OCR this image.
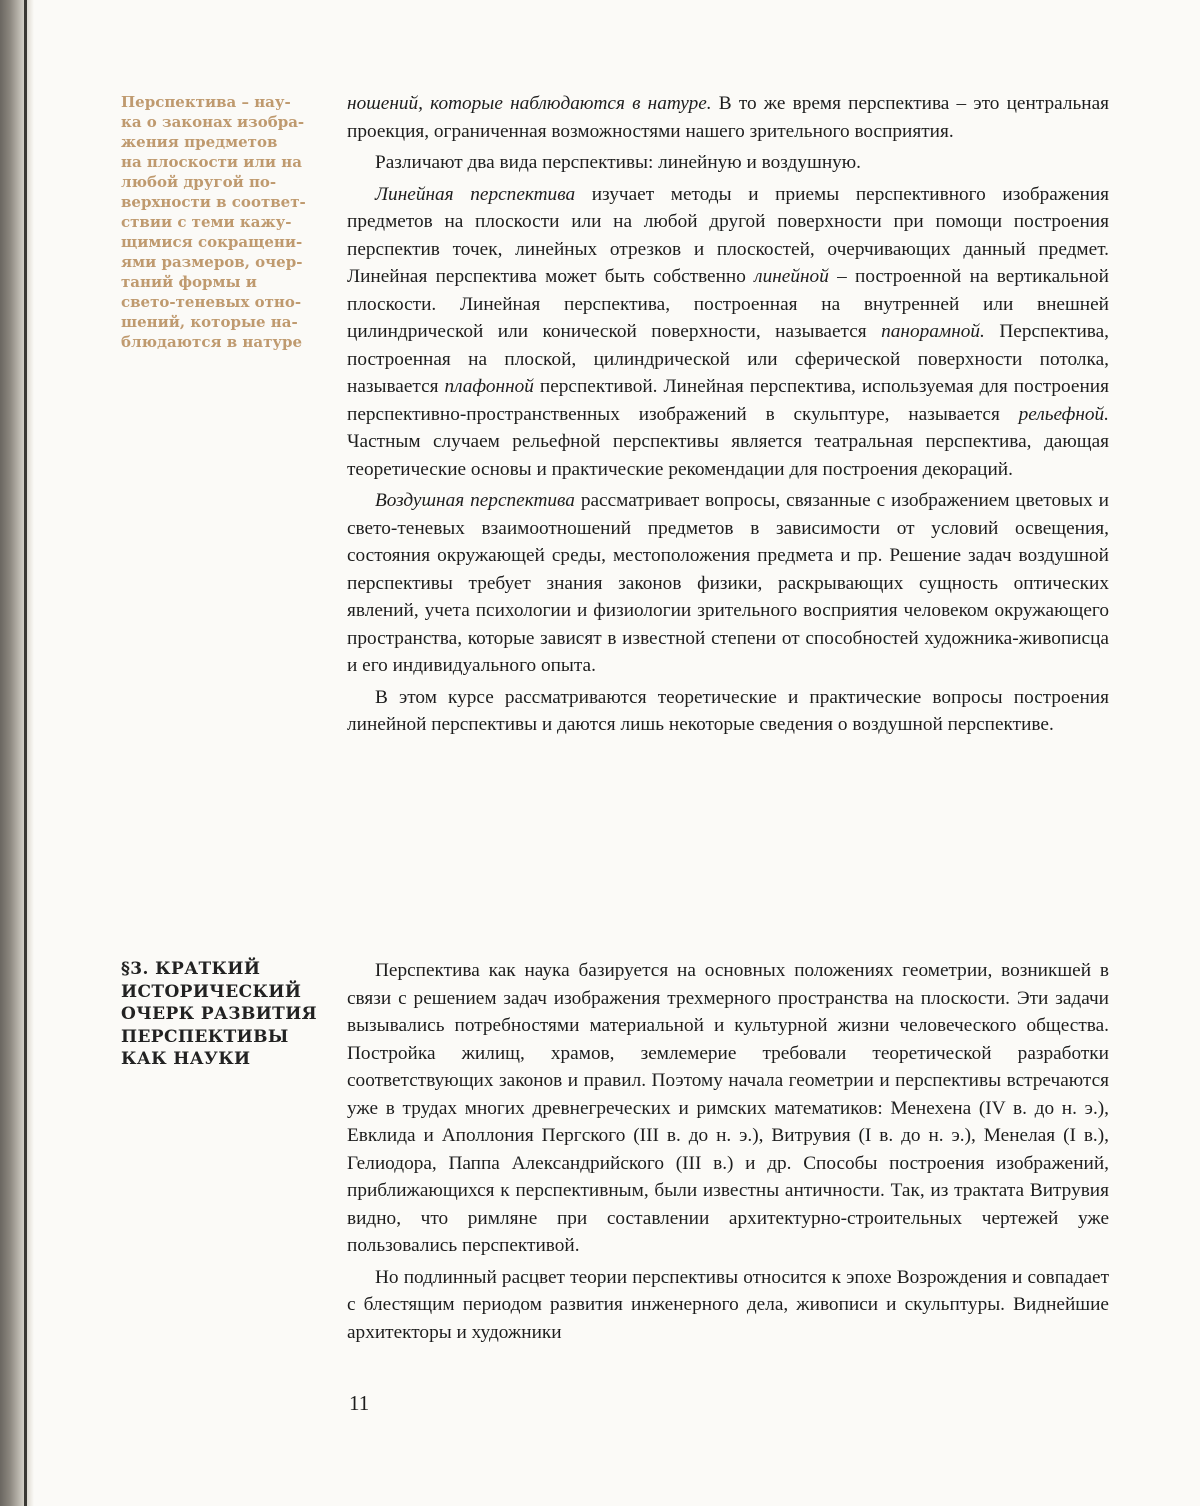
Перспектива – нау-
ка о законах изобра-
жения предметов
на плоскости или на
любой другой по-
верхности в соответ-
ствии с теми кажу-
щимися сокращени-
ями размеров, очер-
таний формы и
свето-теневых отно-
шений, которые на-
блюдаются в натуре

ношений, которые наблюдаются в натуре. В то же время перспектива – это центральная проекция, ограниченная возможностями нашего зрительного восприятия.

Различают два вида перспективы: линейную и воздушную.

Линейная перспектива изучает методы и приемы перспективного изображения предметов на плоскости или на любой другой поверхности при помощи построения перспектив точек, линейных отрезков и плоскостей, очерчивающих данный предмет. Линейная перспектива может быть собственно линейной – построенной на вертикальной плоскости. Линейная перспектива, построенная на внутренней или внешней цилиндрической или конической поверхности, называется панорамной. Перспектива, построенная на плоской, цилиндрической или сферической поверхности потолка, называется плафонной перспективой. Линейная перспектива, используемая для построения перспективно-пространственных изображений в скульптуре, называется рельефной. Частным случаем рельефной перспективы является театральная перспектива, дающая теоретические основы и практические рекомендации для построения декораций.

Воздушная перспектива рассматривает вопросы, связанные с изображением цветовых и свето-теневых взаимоотношений предметов в зависимости от условий освещения, состояния окружающей среды, местоположения предмета и пр. Решение задач воздушной перспективы требует знания законов физики, раскрывающих сущность оптических явлений, учета психологии и физиологии зрительного восприятия человеком окружающего пространства, которые зависят в известной степени от способностей художника-живописца и его индивидуального опыта.

В этом курсе рассматриваются теоретические и практические вопросы построения линейной перспективы и даются лишь некоторые сведения о воздушной перспективе.

§3. КРАТКИЙ
ИСТОРИЧЕСКИЙ
ОЧЕРК РАЗВИТИЯ
ПЕРСПЕКТИВЫ
КАК НАУКИ

Перспектива как наука базируется на основных положениях геометрии, возникшей в связи с решением задач изображения трехмерного пространства на плоскости. Эти задачи вызывались потребностями материальной и культурной жизни человеческого общества. Постройка жилищ, храмов, землемерие требовали теоретической разработки соответствующих законов и правил. Поэтому начала геометрии и перспективы встречаются уже в трудах многих древнегреческих и римских математиков: Менехена (IV в. до н. э.), Евклида и Аполлония Пергского (III в. до н. э.), Витрувия (I в. до н. э.), Менелая (I в.), Гелиодора, Паппа Александрийского (III в.) и др. Способы построения изображений, приближающихся к перспективным, были известны античности. Так, из трактата Витрувия видно, что римляне при составлении архитектурно-строительных чертежей уже пользовались перспективой.

Но подлинный расцвет теории перспективы относится к эпохе Возрождения и совпадает с блестящим периодом развития инженерного дела, живописи и скульптуры. Виднейшие архитекторы и художники

11
